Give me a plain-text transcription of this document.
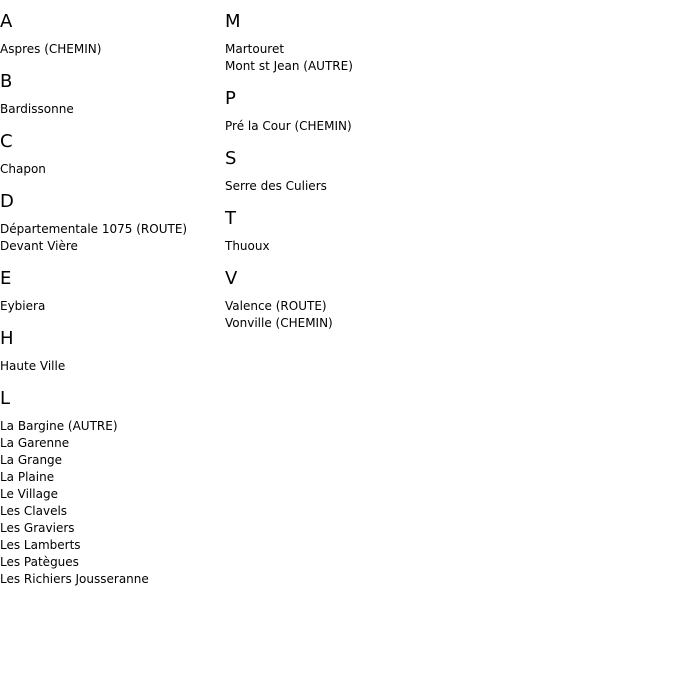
A
Aspres (CHEMIN)
B
Bardissonne
C
Chapon
D
Départementale 1075 (ROUTE)
Devant Vière
E
Eybiera
H
Haute Ville
L
La Bargine (AUTRE)
La Garenne
La Grange
La Plaine
Le Village
Les Clavels
Les Graviers
Les Lamberts
Les Patègues
Les Richiers Jousseranne
M
Martouret
Mont st Jean (AUTRE)
P
Pré la Cour (CHEMIN)
S
Serre des Culiers
T
Thuoux
V
Valence (ROUTE)
Vonville (CHEMIN)
